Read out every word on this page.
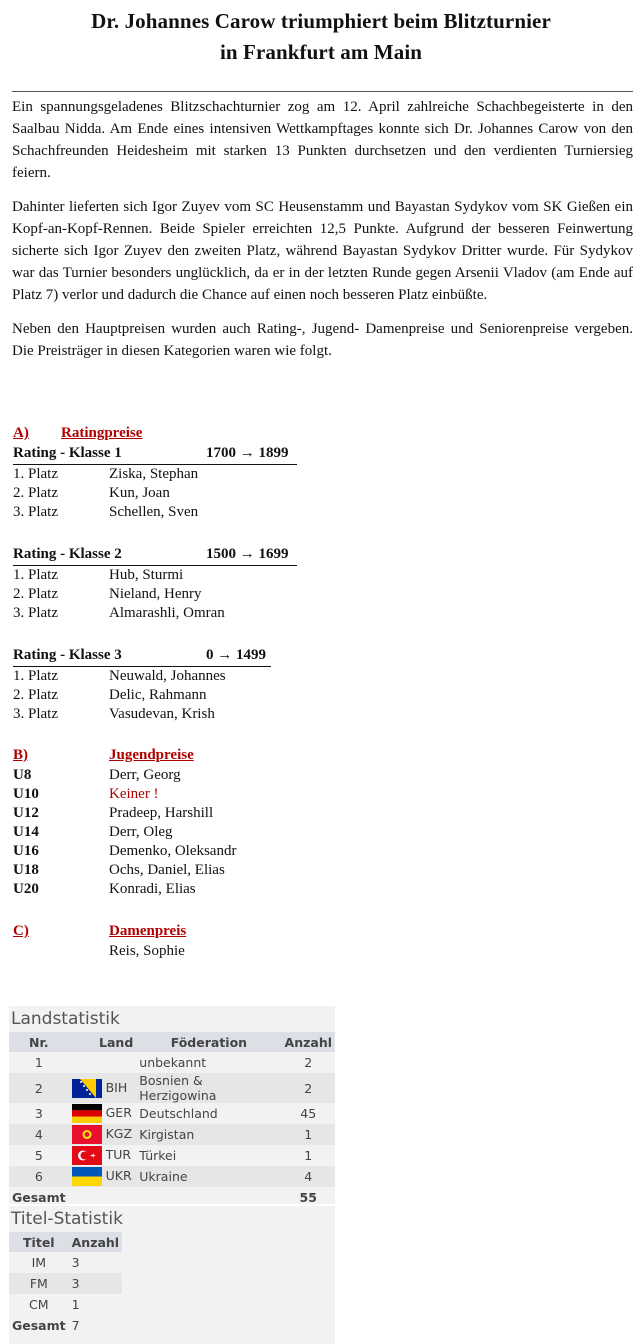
Dr. Johannes Carow triumphiert beim Blitzturnier
in Frankfurt am Main

Ein spannungsgeladenes Blitzschachturnier zog am 12. April zahlreiche Schachbegeisterte in den Saalbau Nidda. Am Ende eines intensiven Wettkampftages konnte sich Dr. Johannes Carow von den Schachfreunden Heidesheim mit starken 13 Punkten durchsetzen und den verdienten Turniersieg feiern.

Dahinter lieferten sich Igor Zuyev vom SC Heusenstamm und Bayastan Sydykov vom SK Gießen ein Kopf-an-Kopf-Rennen. Beide Spieler erreichten 12,5 Punkte. Aufgrund der besseren Feinwertung sicherte sich Igor Zuyev den zweiten Platz, während Bayastan Sydykov Dritter wurde. Für Sydykov war das Turnier besonders unglücklich, da er in der letzten Runde gegen Arsenii Vladov (am Ende auf Platz 7) verlor und dadurch die Chance auf einen noch besseren Platz einbüßte.

Neben den Hauptpreisen wurden auch Rating-, Jugend- Damenpreise und Seniorenpreise vergeben. Die Preisträger in diesen Kategorien waren wie folgt.

A) Ratingpreise
Rating - Klasse 1	1700 → 1899
1. Platz	Ziska, Stephan
2. Platz	Kun, Joan
3. Platz	Schellen, Sven
Rating - Klasse 2	1500 → 1699
1. Platz	Hub, Sturmi
2. Platz	Nieland, Henry
3. Platz	Almarashli, Omran
Rating - Klasse 3	0 → 1499
1. Platz	Neuwald, Johannes
2. Platz	Delic, Rahmann
3. Platz	Vasudevan, Krish
B)	Jugendpreise
U8	Derr, Georg
U10	Keiner !
U12	Pradeep, Harshill
U14	Derr, Oleg
U16	Demenko, Oleksandr
U18	Ochs, Daniel, Elias
U20	Konradi, Elias
C)	Damenpreis
Reis, Sophie
Landstatistik
Nr.	Land	Föderation	Anzahl
1		unbekannt	2
2	BIH	Bosnien & Herzigowina	2
3	GER	Deutschland	45
4	KGZ	Kirgistan	1
5	TUR	Türkei	1
6	UKR	Ukraine	4
Gesamt			55
Titel-Statistik
Titel	Anzahl
IM	3
FM	3
CM	1
Gesamt	7
